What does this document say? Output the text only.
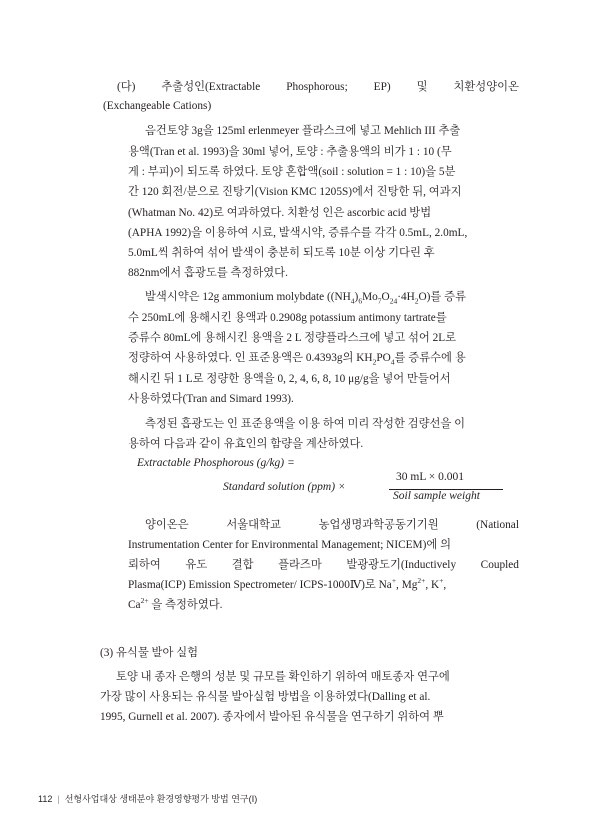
(다) 추출성인(Extractable Phosphorous; EP) 및 치환성양이온
(Exchangeable Cations)
음건토양 3g을 125ml erlenmeyer 플라스크에 넣고 Mehlich III 추출
용액(Tran et al. 1993)을 30ml 넣어, 토양 : 추출용액의 비가 1 : 10 (무
게 : 부피)이 되도록 하였다. 토양 혼합액(soil : solution = 1 : 10)을 5분
간 120 회전/분으로 진탕기(Vision KMC 1205S)에서 진탕한 뒤, 여과지
(Whatman No. 42)로 여과하였다. 치환성 인은 ascorbic acid 방법
(APHA 1992)을 이용하여 시료, 발색시약, 증류수를 각각 0.5mL, 2.0mL,
5.0mL씩 취하여 섞어 발색이 충분히 되도록 10분 이상 기다린 후
882nm에서 흡광도를 측정하였다.
발색시약은 12g ammonium molybdate $((NH_4)_6Mo_7O_{24}\cdot 4H_2O)$를 증류
수 250mL에 용해시킨 용액과 0.2908g potassium antimony tartrate를
증류수 80mL에 용해시킨 용액을 2 L 정량플라스크에 넣고 섞어 2L로
정량하여 사용하였다. 인 표준용액은 0.4393g의 $KH_2PO_4$를 증류수에 용
해시킨 뒤 1 L로 정량한 용액을 0, 2, 4, 6, 8, 10 μg/g을 넣어 만들어서
사용하였다(Tran and Simard 1993).
측정된 흡광도는 인 표준용액을 이용 하여 미리 작성한 검량선을 이
용하여 다음과 같이 유효인의 함량을 계산하였다.
Extractable Phosphorous (g/kg) =
Standard solution (ppm) ×
30 mL × 0.001
Soil sample weight
양이온은	서울대학교	농업생명과학공동기기원	(National
Instrumentation Center for Environmental Management; NICEM)에 의
뢰하여 유도 결합 플라즈마 발광광도기(Inductively Coupled
Plasma(ICP) Emission Spectrometer/ ICPS-1000Ⅳ)로 Na+, $Mg^{2+}$, K+,
$Ca^{2+}$ 을 측정하였다.
(3) 유식물 발아 실험
토양 내 종자 은행의 성분 및 규모를 확인하기 위하여 매토종자 연구에
가장 많이 사용되는 유식물 발아실험 방법을 이용하였다(Dalling et al.
1995, Gurnell et al. 2007). 종자에서 발아된 유식물을 연구하기 위하여 뿌
112 | 선형사업대상 생태분야 환경영향평가 방법 연구(Ⅰ)
